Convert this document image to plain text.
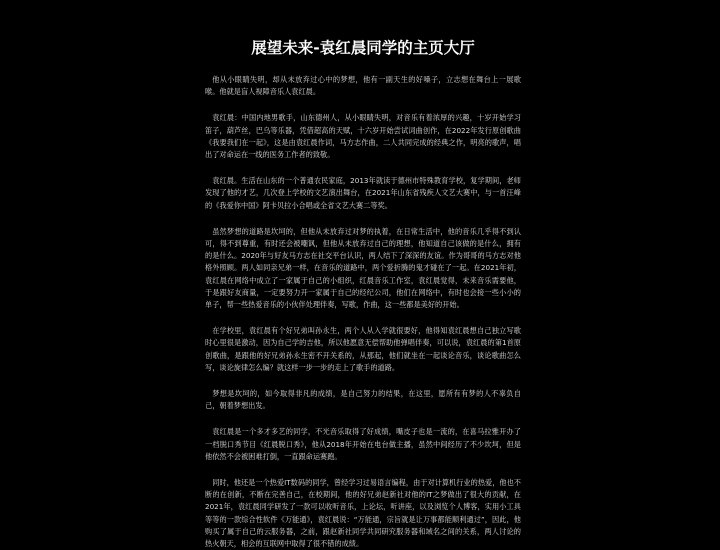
展望未来-袁红晨同学的主页大厅

他从小眼睛失明，却从未放弃过心中的梦想，他有一副天生的好嗓子，立志想在舞台上一展歌喉。他就是盲人视障音乐人袁红晨。

袁红晨：中国内地男歌手，山东德州人，从小眼睛失明，对音乐有着浓厚的兴趣，十岁开始学习笛子，葫芦丝，巴乌等乐器，凭借超高的天赋，十六岁开始尝试词曲创作，在2022年发行原创歌曲《我要我们在一起》，这是由袁红晨作词，马方志作曲，二人共同完成的经典之作，明亮的歌声，唱出了对命运在一线的医务工作者的致敬。

袁红晨。生活在山东的一个普通农民家庭，2013年就读于德州市特殊教育学校，复学期间，老师发现了他的才艺，几次登上学校的文艺演出舞台，在2021年山东省残疾人文艺大赛中，与一首汪峰的《我爱你中国》阿卡贝拉小合唱或全省文艺大赛二等奖。

虽然梦想的道路是坎坷的，但他从未放弃过对梦的执着，在日常生活中，他的音乐几乎得不到认可，得不到尊重，有时还会被嘲讽，但他从未放弃过自己的理想，他知道自己该做的是什么，拥有的是什么。2020年与好友马方志在社交平台认识，两人结下了深深的友谊。作为哥哥的马方志对他格外照顾。两人如同亲兄弟一样，在音乐的道路中，两个爱折腾的鬼才碰在了一起。在2021年初，袁红晨在网络中成立了一家属于自己的小组织，红晨音乐工作室，袁红晨觉得，未来音乐需要他，于是跟好友商量，一定要努力开一家属于自己的经纪公司，他们在网络中，有时也会接一些小小的单子，帮一些热爱音乐的小伙伴处理伴奏，写歌，作曲，这一些都是美好的开始。

在学校里，袁红晨有个好兄弟叫孙永生，两个人从入学就很要好，他得知袁红晨想自己独立写歌时心里很是激动，因为自己学的吉他，所以他愿意无偿帮助他弹唱伴奏，可以说，袁红晨的第1首原创歌曲，是跟他的好兄弟孙永生密不开关系的，从那起，他们就坐在一起谈论音乐，谈论歌曲怎么写，谈论旋律怎么编？就这样一步一步的走上了歌手的道路。

梦想是坎坷的，如今取得非凡的成绩，是自己努力的结果，在这里，愿所有有梦的人不辜负自己，朝着梦想出发。

袁红晨是一个多才多艺的同学，不光音乐取得了好成绩，嘴皮子也是一流的，在喜马拉雅开办了一档脱口秀节目《红晨脱口秀》，他从2018年开始在电台做主播，虽然中间经历了不少坎坷，但是他依然不会被困难打倒，一直跟命运赛跑。

同时，他还是一个热爱IT数码的同学，曾经学习过易语言编程，由于对计算机行业的热爱，他也不断的在创新，不断在完善自己，在校期间，他的好兄弟赵新社对他的IT之梦做出了很大的贡献，在2021年，袁红晨同学研发了一款可以收听音乐，上论坛，听讲座，以及浏览个人博客，实用小工具等等的一款综合性软件《万能通》，袁红晨说：“万能通，宗旨就是让万事都能顺利通过”，因此，他购买了属于自己的云服务器，之前，跟赵新社同学共同研究服务器和域名之间的关系，两人讨论的热火朝天，相会的互联网中取得了很不错的成绩。
